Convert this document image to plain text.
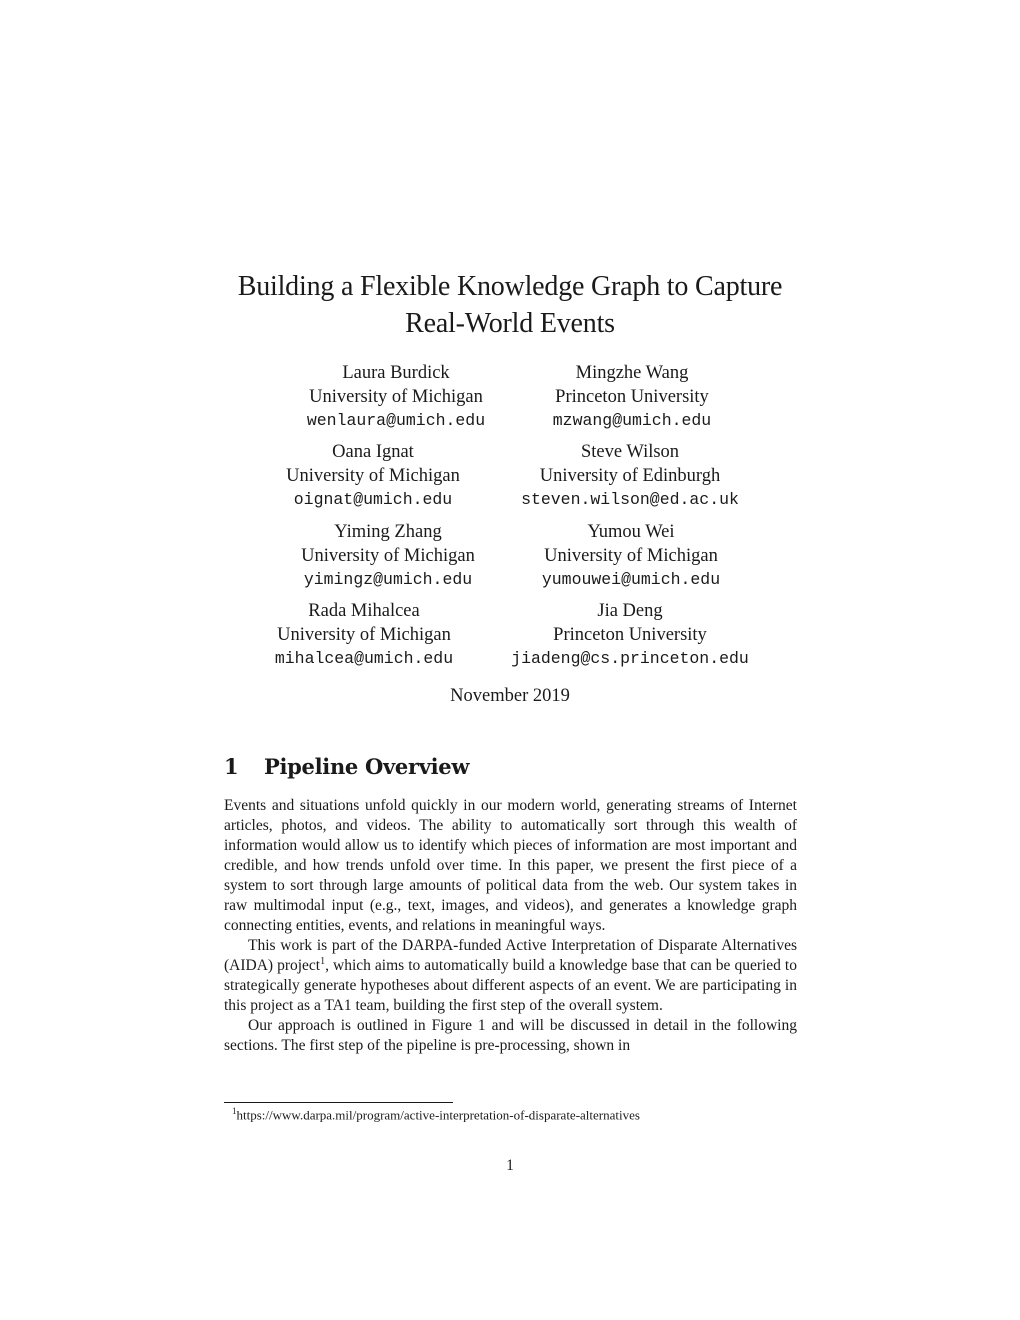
Building a Flexible Knowledge Graph to Capture
Real-World Events
Laura Burdick
University of Michigan
wenlaura@umich.edu
Mingzhe Wang
Princeton University
mzwang@umich.edu
Oana Ignat
University of Michigan
oignat@umich.edu
Steve Wilson
University of Edinburgh
steven.wilson@ed.ac.uk
Yiming Zhang
University of Michigan
yimingz@umich.edu
Yumou Wei
University of Michigan
yumouwei@umich.edu
Rada Mihalcea
University of Michigan
mihalcea@umich.edu
Jia Deng
Princeton University
jiadeng@cs.princeton.edu
November 2019
1 Pipeline Overview

Events and situations unfold quickly in our modern world, generating streams of Internet articles, photos, and videos. The ability to automatically sort through this wealth of information would allow us to identify which pieces of information are most important and credible, and how trends unfold over time. In this paper, we present the first piece of a system to sort through large amounts of political data from the web. Our system takes in raw multimodal input (e.g., text, images, and videos), and generates a knowledge graph connecting entities, events, and relations in meaningful ways.

This work is part of the DARPA-funded Active Interpretation of Disparate Alternatives (AIDA) project$^1$, which aims to automatically build a knowledge base that can be queried to strategically generate hypotheses about different aspects of an event. We are participating in this project as a TA1 team, building the first step of the overall system.

Our approach is outlined in Figure 1 and will be discussed in detail in the following sections. The first step of the pipeline is pre-processing, shown in

$^1$https://www.darpa.mil/program/active-interpretation-of-disparate-alternatives
1
